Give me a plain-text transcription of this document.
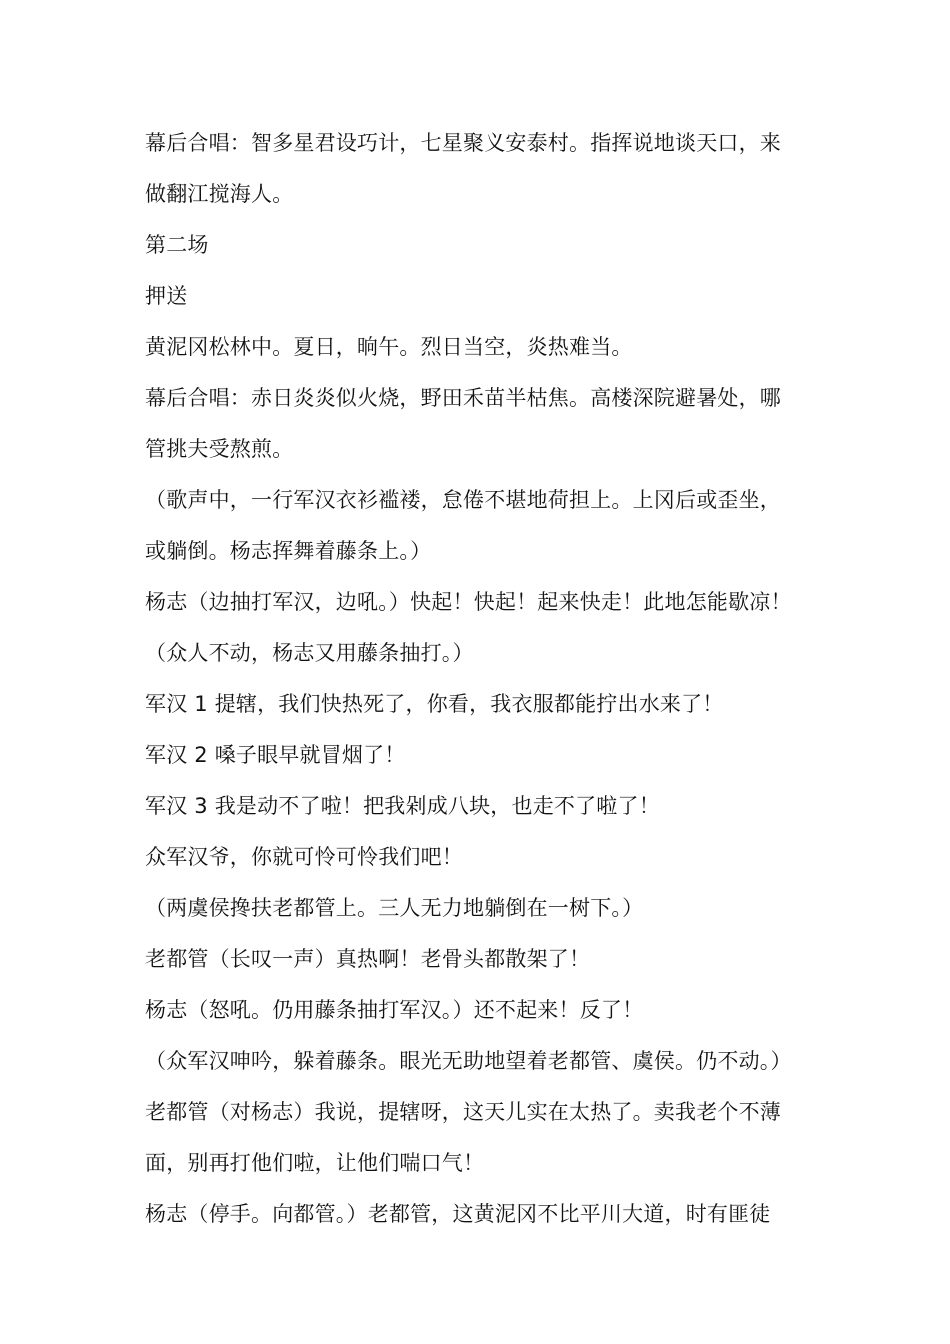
幕后合唱：智多星君设巧计，七星聚义安泰村。指挥说地谈天口，来
做翻江搅海人。
第二场
押送
黄泥冈松林中。夏日，晌午。烈日当空，炎热难当。
幕后合唱：赤日炎炎似火烧，野田禾苗半枯焦。高楼深院避暑处，哪
管挑夫受熬煎。
（歌声中，一行军汉衣衫褴褛，怠倦不堪地荷担上。上冈后或歪坐，
或躺倒。杨志挥舞着藤条上。）
杨志（边抽打军汉，边吼。）快起！快起！起来快走！此地怎能歇凉！
（众人不动，杨志又用藤条抽打。）
军汉 1 提辖，我们快热死了，你看，我衣服都能拧出水来了！
军汉 2 嗓子眼早就冒烟了！
军汉 3 我是动不了啦！把我剁成八块，也走不了啦了！
众军汉爷，你就可怜可怜我们吧！
（两虞侯搀扶老都管上。三人无力地躺倒在一树下。）
老都管（长叹一声）真热啊！老骨头都散架了！
杨志（怒吼。仍用藤条抽打军汉。）还不起来！反了！
（众军汉呻吟，躲着藤条。眼光无助地望着老都管、虞侯。仍不动。）
老都管（对杨志）我说，提辖呀，这天儿实在太热了。卖我老个不薄
面，别再打他们啦，让他们喘口气！
杨志（停手。向都管。）老都管，这黄泥冈不比平川大道，时有匪徒
